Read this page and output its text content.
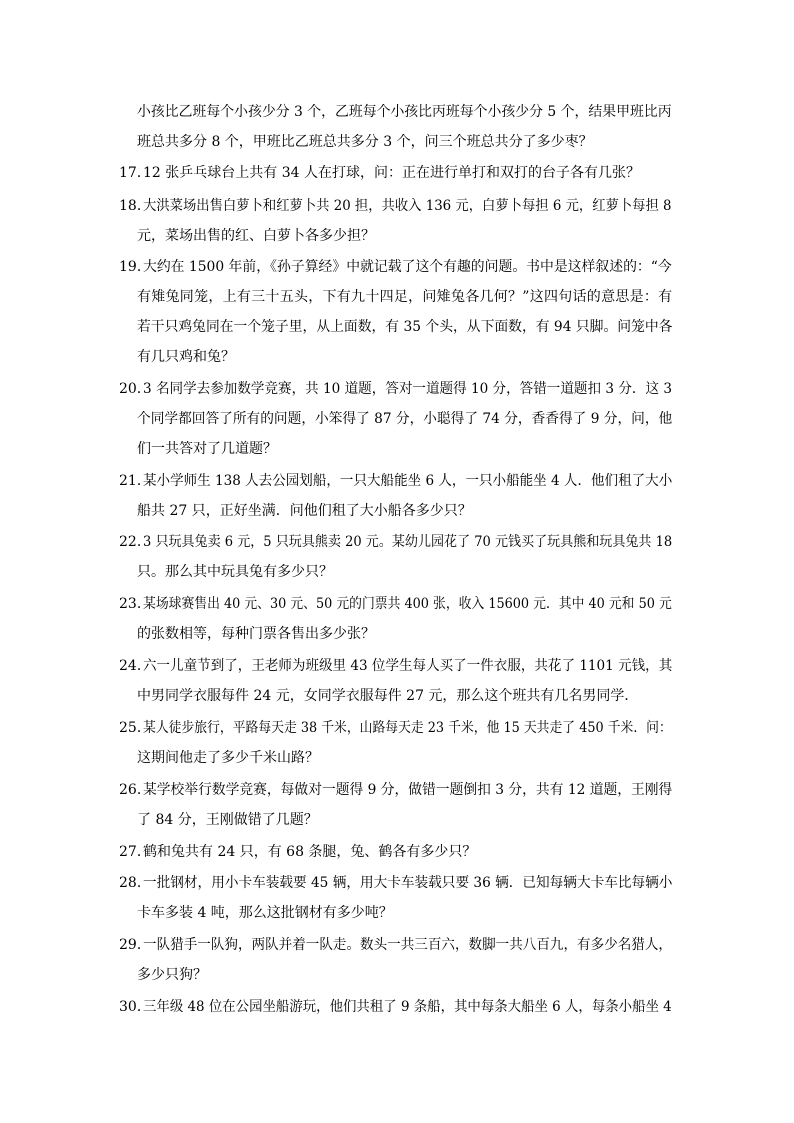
小孩比乙班每个小孩少分 3 个，乙班每个小孩比丙班每个小孩少分 5 个，结果甲班比丙
班总共多分 8 个，甲班比乙班总共多分 3 个，问三个班总共分了多少枣？
17．
12 张乒乓球台上共有 34 人在打球，问：正在进行单打和双打的台子各有几张？
18．
大洪菜场出售白萝卜和红萝卜共 20 担，共收入 136 元，白萝卜每担 6 元，红萝卜每担 8
元，菜场出售的红、白萝卜各多少担？
19．
大约在 1500 年前，《孙子算经》中就记载了这个有趣的问题。书中是这样叙述的：“今
有雉兔同笼，上有三十五头，下有九十四足，问雉兔各几何？”这四句话的意思是：有
若干只鸡兔同在一个笼子里，从上面数，有 35 个头，从下面数，有 94 只脚。问笼中各
有几只鸡和兔？
20．
3 名同学去参加数学竞赛，共 10 道题，答对一道题得 10 分，答错一道题扣 3 分．这 3
个同学都回答了所有的问题，小笨得了 87 分，小聪得了 74 分，香香得了 9 分，问，他
们一共答对了几道题？
21．
某小学师生 138 人去公园划船，一只大船能坐 6 人，一只小船能坐 4 人．他们租了大小
船共 27 只，正好坐满．问他们租了大小船各多少只？
22．
3 只玩具兔卖 6 元，5 只玩具熊卖 20 元。某幼儿园花了 70 元钱买了玩具熊和玩具兔共 18
只。那么其中玩具兔有多少只？
23．
某场球赛售出 40 元、30 元、50 元的门票共 400 张，收入 15600 元．其中 40 元和 50 元
的张数相等，每种门票各售出多少张？
24．
六一儿童节到了，王老师为班级里 43 位学生每人买了一件衣服，共花了 1101 元钱，其
中男同学衣服每件 24 元，女同学衣服每件 27 元，那么这个班共有几名男同学．
25．
某人徒步旅行，平路每天走 38 千米，山路每天走 23 千米，他 15 天共走了 450 千米．问：
这期间他走了多少千米山路？
26．
某学校举行数学竞赛，每做对一题得 9 分，做错一题倒扣 3 分，共有 12 道题，王刚得
了 84 分，王刚做错了几题？
27．
鹤和兔共有 24 只，有 68 条腿，兔、鹤各有多少只？
28．
一批钢材，用小卡车装载要 45 辆，用大卡车装载只要 36 辆．已知每辆大卡车比每辆小
卡车多装 4 吨，那么这批钢材有多少吨？
29．
一队猎手一队狗，两队并着一队走。数头一共三百六，数脚一共八百九，有多少名猎人，
多少只狗？
30．
三年级 48 位在公园坐船游玩，他们共租了 9 条船，其中每条大船坐 6 人，每条小船坐 4
